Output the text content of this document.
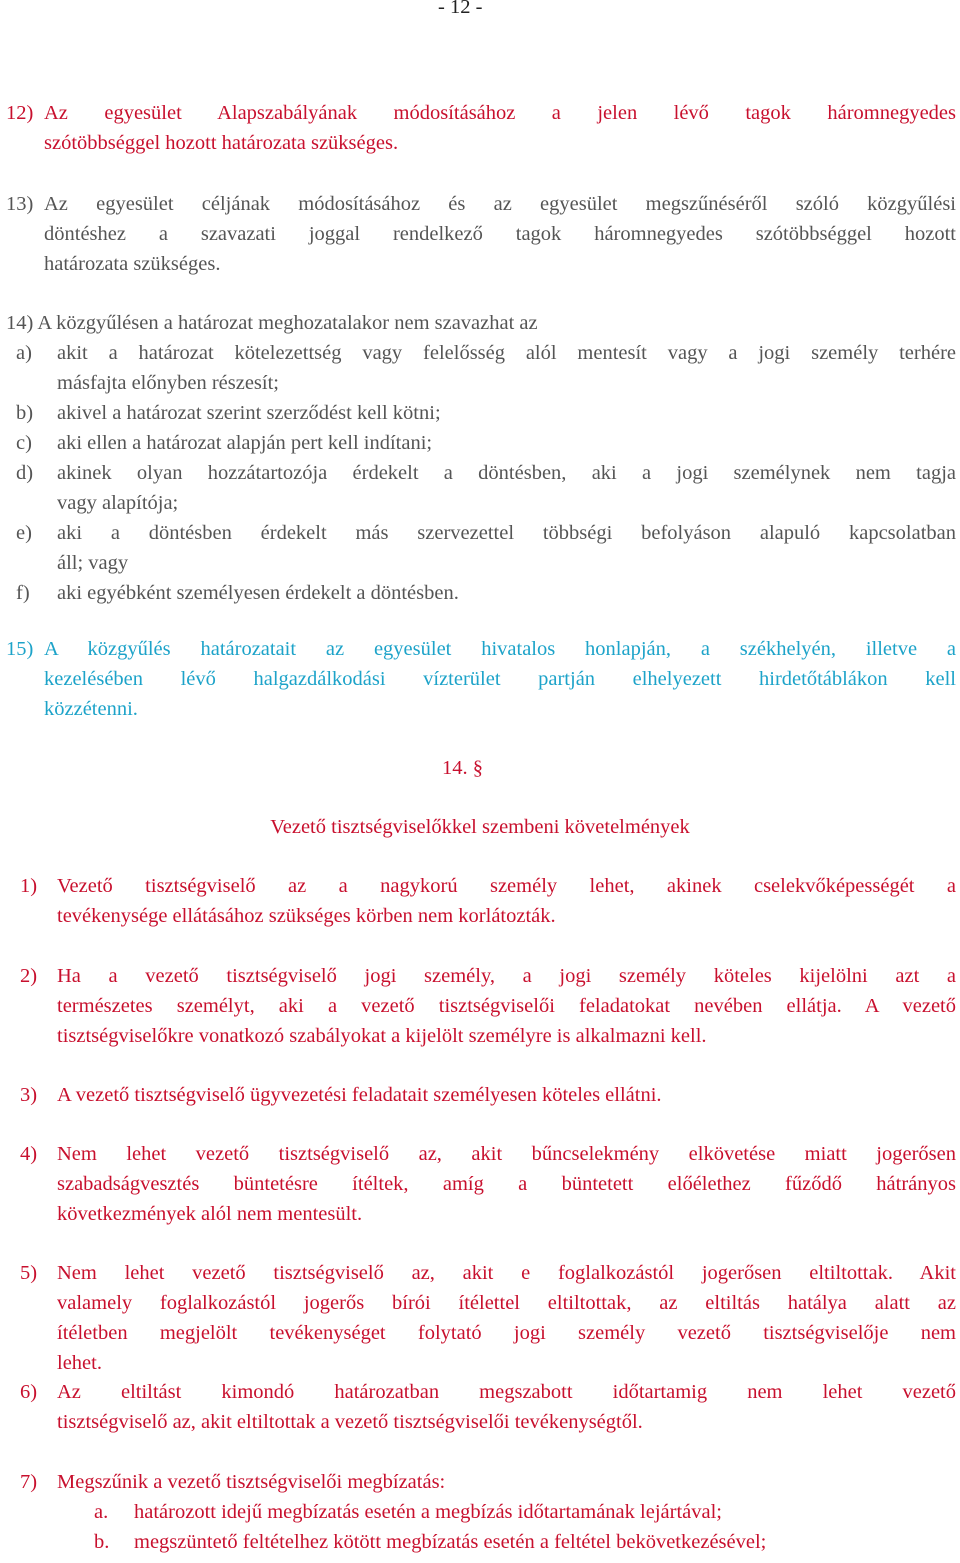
- 12 -
12) Az egyesület Alapszabályának módosításához a jelen lévő tagok háromnegyedes
szótöbbséggel hozott határozata szükséges.
13) Az egyesület céljának módosításához és az egyesület megszűnéséről szóló közgyűlési
döntéshez a szavazati joggal rendelkező tagok háromnegyedes szótöbbséggel hozott
határozata szükséges.
14) A közgyűlésen a határozat meghozatalakor nem szavazhat az
a) akit a határozat kötelezettség vagy felelősség alól mentesít vagy a jogi személy terhére
másfajta előnyben részesít;
b) akivel a határozat szerint szerződést kell kötni;
c) aki ellen a határozat alapján pert kell indítani;
d) akinek olyan hozzátartozója érdekelt a döntésben, aki a jogi személynek nem tagja
vagy alapítója;
e) aki a döntésben érdekelt más szervezettel többségi befolyáson alapuló kapcsolatban
áll; vagy
f) aki egyébként személyesen érdekelt a döntésben.
15) A közgyűlés határozatait az egyesület hivatalos honlapján, a székhelyén, illetve a
kezelésében lévő halgazdálkodási vízterület partján elhelyezett hirdetőtáblákon kell
közzétenni.
14. §
Vezető tisztségviselőkkel szembeni követelmények
1) Vezető tisztségviselő az a nagykorú személy lehet, akinek cselekvőképességét a
tevékenysége ellátásához szükséges körben nem korlátozták.
2) Ha a vezető tisztségviselő jogi személy, a jogi személy köteles kijelölni azt a
természetes személyt, aki a vezető tisztségviselői feladatokat nevében ellátja. A vezető
tisztségviselőkre vonatkozó szabályokat a kijelölt személyre is alkalmazni kell.
3) A vezető tisztségviselő ügyvezetési feladatait személyesen köteles ellátni.
4) Nem lehet vezető tisztségviselő az, akit bűncselekmény elkövetése miatt jogerősen
szabadságvesztés büntetésre ítéltek, amíg a büntetett előélethez fűződő hátrányos
következmények alól nem mentesült.
5) Nem lehet vezető tisztségviselő az, akit e foglalkozástól jogerősen eltiltottak. Akit
valamely foglalkozástól jogerős bírói ítélettel eltiltottak, az eltiltás hatálya alatt az
ítéletben megjelölt tevékenységet folytató jogi személy vezető tisztségviselője nem
lehet.
6) Az eltiltást kimondó határozatban megszabott időtartamig nem lehet vezető
tisztségviselő az, akit eltiltottak a vezető tisztségviselői tevékenységtől.
7) Megszűnik a vezető tisztségviselői megbízatás:
a. határozott idejű megbízatás esetén a megbízás időtartamának lejártával;
b. megszüntető feltételhez kötött megbízatás esetén a feltétel bekövetkezésével;
